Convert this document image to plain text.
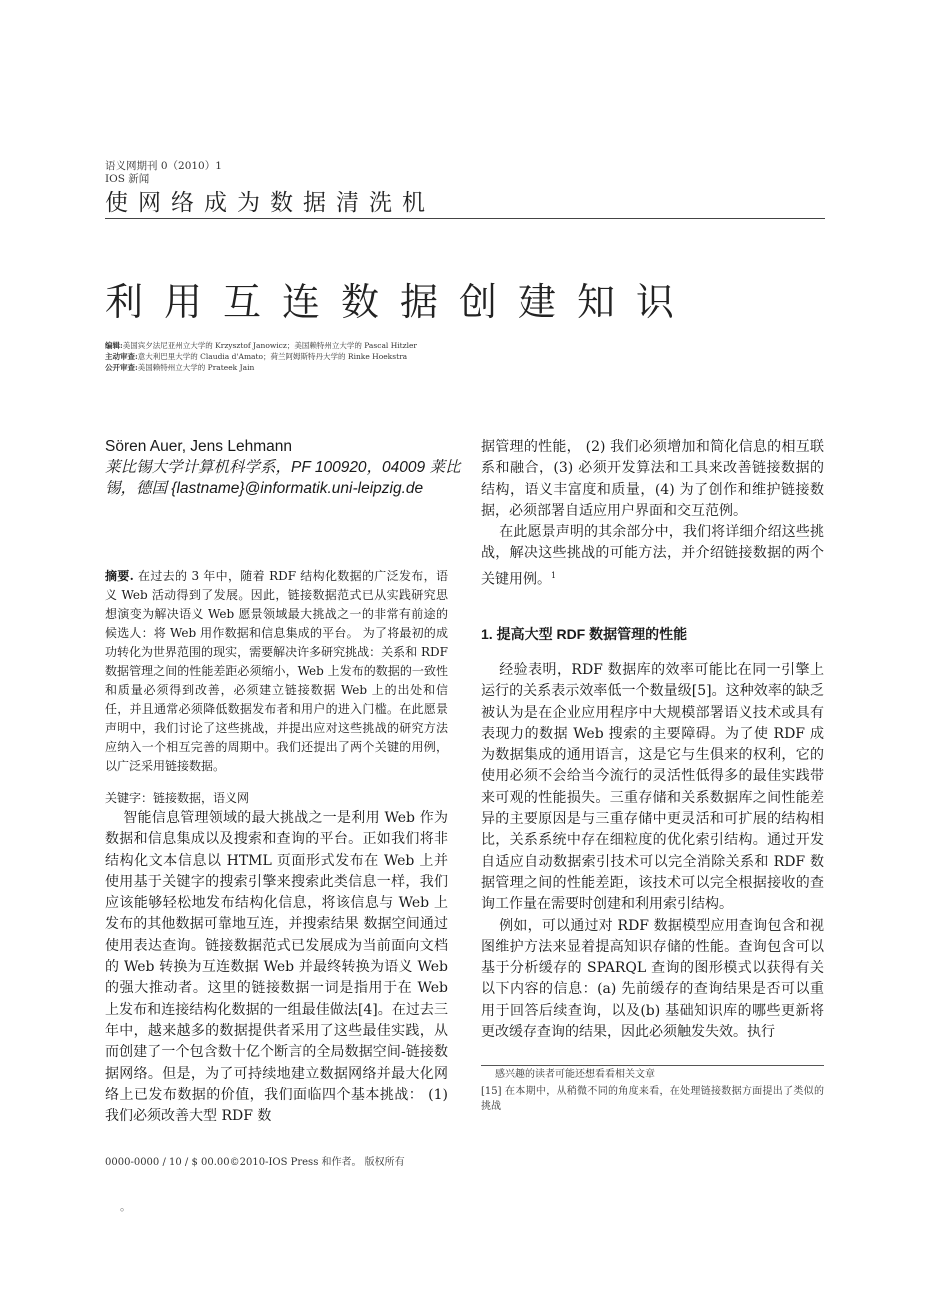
语义网期刊 0（2010）1
IOS 新闻
使网络成为数据清洗机
利用互连数据创建知识
编辑:美国宾夕法尼亚州立大学的 Krzysztof Janowicz；美国赖特州立大学的 Pascal Hitzler
主动审查:意大利巴里大学的 Claudia d'Amato；荷兰阿姆斯特丹大学的 Rinke Hoekstra
公开审查:美国赖特州立大学的 Prateek Jain
Sören Auer, Jens Lehmann
莱比锡大学计算机科学系，PF 100920，04009 莱比锡，德国 {lastname}@informatik.uni-leipzig.de
摘要. 在过去的 3 年中，随着 RDF 结构化数据的广泛发布，语义 Web 活动得到了发展。因此，链接数据范式已从实践研究思想演变为解决语义 Web 愿景领域最大挑战之一的非常有前途的候选人：将 Web 用作数据和信息集成的平台。 为了将最初的成功转化为世界范围的现实，需要解决许多研究挑战：关系和 RDF 数据管理之间的性能差距必须缩小，Web 上发布的数据的一致性和质量必须得到改善，必须建立链接数据 Web 上的出处和信任，并且通常必须降低数据发布者和用户的进入门槛。在此愿景声明中，我们讨论了这些挑战，并提出应对这些挑战的研究方法应纳入一个相互完善的周期中。我们还提出了两个关键的用例，以广泛采用链接数据。
关键字：链接数据，语义网

智能信息管理领域的最大挑战之一是利用 Web 作为数据和信息集成以及搜索和查询的平台。正如我们将非结构化文本信息以 HTML 页面形式发布在 Web 上并使用基于关键字的搜索引擎来搜索此类信息一样，我们应该能够轻松地发布结构化信息，将该信息与 Web 上发布的其他数据可靠地互连，并搜索结果 数据空间通过使用表达查询。链接数据范式已发展成为当前面向文档的 Web 转换为互连数据 Web 并最终转换为语义 Web 的强大推动者。这里的链接数据一词是指用于在 Web 上发布和连接结构化数据的一组最佳做法[4]。在过去三年中，越来越多的数据提供者采用了这些最佳实践，从而创建了一个包含数十亿个断言的全局数据空间-链接数据网络。但是，为了可持续地建立数据网络并最大化网络上已发布数据的价值，我们面临四个基本挑战： (1) 我们必须改善大型 RDF 数

据管理的性能， (2) 我们必须增加和简化信息的相互联系和融合，(3) 必须开发算法和工具来改善链接数据的结构，语义丰富度和质量，(4) 为了创作和维护链接数据，必须部署自适应用户界面和交互范例。

在此愿景声明的其余部分中，我们将详细介绍这些挑战，解决这些挑战的可能方法，并介绍链接数据的两个关键用例。$^1$

1. 提高大型 RDF 数据管理的性能

经验表明，RDF 数据库的效率可能比在同一引擎上运行的关系表示效率低一个数量级[5]。这种效率的缺乏被认为是在企业应用程序中大规模部署语义技术或具有表现力的数据 Web 搜索的主要障碍。为了使 RDF 成为数据集成的通用语言，这是它与生俱来的权利，它的使用必须不会给当今流行的灵活性低得多的最佳实践带来可观的性能损失。三重存储和关系数据库之间性能差异的主要原因是与三重存储中更灵活和可扩展的结构相比，关系系统中存在细粒度的优化索引结构。通过开发自适应自动数据索引技术可以完全消除关系和 RDF 数据管理之间的性能差距，该技术可以完全根据接收的查询工作量在需要时创建和利用索引结构。

例如，可以通过对 RDF 数据模型应用查询包含和视图维护方法来显着提高知识存储的性能。查询包含可以基于分析缓存的 SPARQL 查询的图形模式以获得有关以下内容的信息：(a) 先前缓存的查询结果是否可以重用于回答后续查询，以及(b) 基础知识库的哪些更新将更改缓存查询的结果，因此必须触发失效。执行

感兴趣的读者可能还想看看相关文章
[15] 在本期中，从稍微不同的角度来看，在处理链接数据方面提出了类似的挑战
0000-0000 / 10 / $ 00.00©2010-IOS Press 和作者。 版权所有
。
